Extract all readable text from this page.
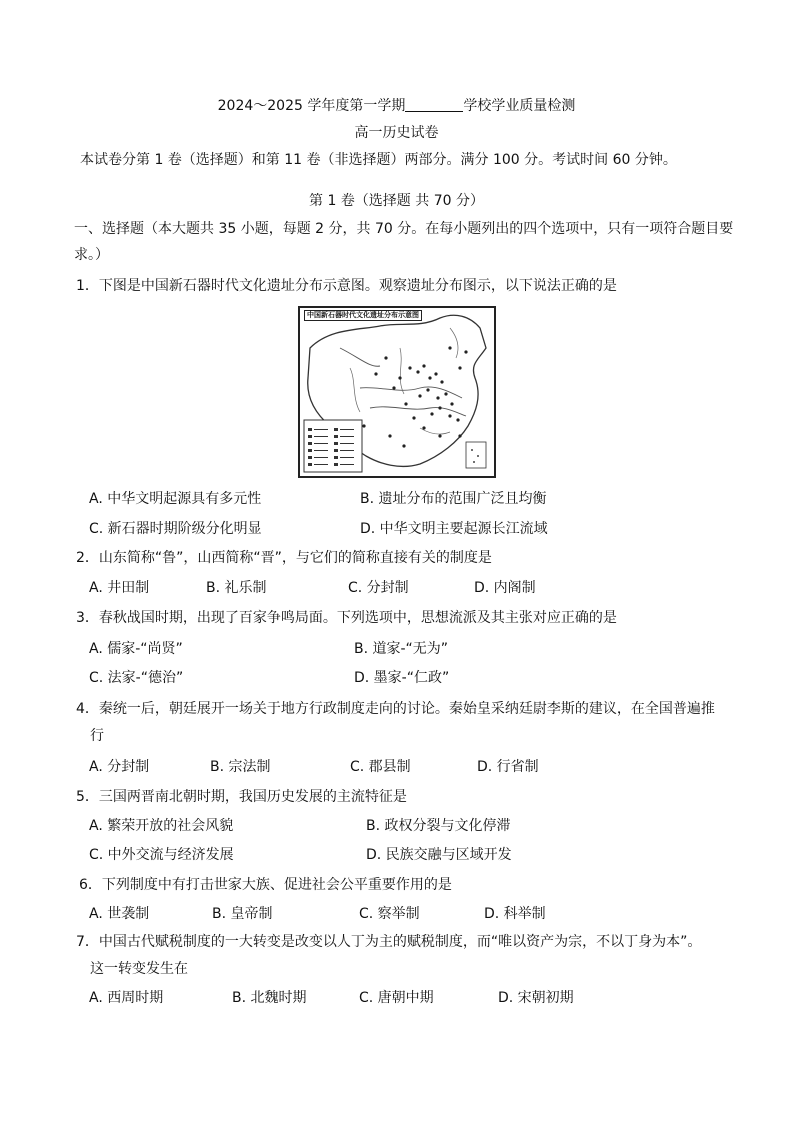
2024～2025 学年度第一学期	学校学业质量检测
高一历史试卷
本试卷分第 1 卷（选择题）和第 11 卷（非选择题）两部分。满分 100 分。考试时间 60 分钟。
第 1 卷（选择题 共 70 分）
一、选择题（本大题共 35 小题，每题 2 分，共 70 分。在每小题列出的四个选项中，只有一项符合题目要
求。）
1．下图是中国新石器时代文化遗址分布示意图。观察遗址分布图示，以下说法正确的是
中国新石器时代文化遗址分布示意图
A. 中华文明起源具有多元性	B. 遗址分布的范围广泛且均衡
C. 新石器时期阶级分化明显	D. 中华文明主要起源长江流域
2．山东简称“鲁”，山西简称“晋”，与它们的简称直接有关的制度是
A. 井田制	B. 礼乐制	C. 分封制	D. 内阁制
3．春秋战国时期，出现了百家争鸣局面。下列选项中，思想流派及其主张对应正确的是
A. 儒家-“尚贤”	B. 道家-“无为”
C. 法家-“德治”	D. 墨家-“仁政”
4．秦统一后，朝廷展开一场关于地方行政制度走向的讨论。秦始皇采纳廷尉李斯的建议，在全国普遍推
行
A. 分封制	B. 宗法制	C. 郡县制	D. 行省制
5．三国两晋南北朝时期，我国历史发展的主流特征是
A. 繁荣开放的社会风貌	B. 政权分裂与文化停滞
C. 中外交流与经济发展	D. 民族交融与区域开发
6．下列制度中有打击世家大族、促进社会公平重要作用的是
A. 世袭制	B. 皇帝制	C. 察举制	D. 科举制
7．中国古代赋税制度的一大转变是改变以人丁为主的赋税制度，而“唯以资产为宗，不以丁身为本”。
这一转变发生在
A. 西周时期	B. 北魏时期	C. 唐朝中期	D. 宋朝初期
